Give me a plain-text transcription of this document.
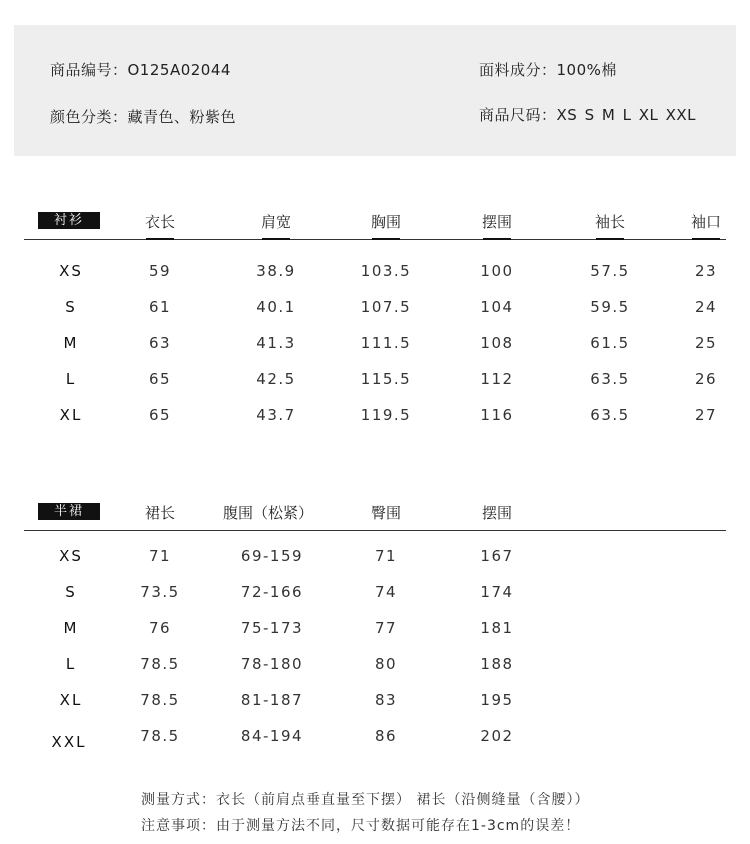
商品编号：O125A02044	面料成分：100%棉
颜色分类：藏青色、粉紫色	商品尺码：XS S M L XL XXL
衬衫	衣长	肩宽	胸围	摆围	袖长	袖口
XS	59	38.9	103.5	100	57.5	23
S	61	40.1	107.5	104	59.5	24
M	63	41.3	111.5	108	61.5	25
L	65	42.5	115.5	112	63.5	26
XL	65	43.7	119.5	116	63.5	27
半裙	裙长	腹围（松紧）	臀围	摆围
XS	71	69-159	71	167
S	73.5	72-166	74	174
M	76	75-173	77	181
L	78.5	78-180	80	188
XL	78.5	81-187	83	195
XXL	78.5	84-194	86	202
测量方式：衣长（前肩点垂直量至下摆） 裙长（沿侧缝量（含腰））
注意事项：由于测量方法不同，尺寸数据可能存在1-3cm的误差！
